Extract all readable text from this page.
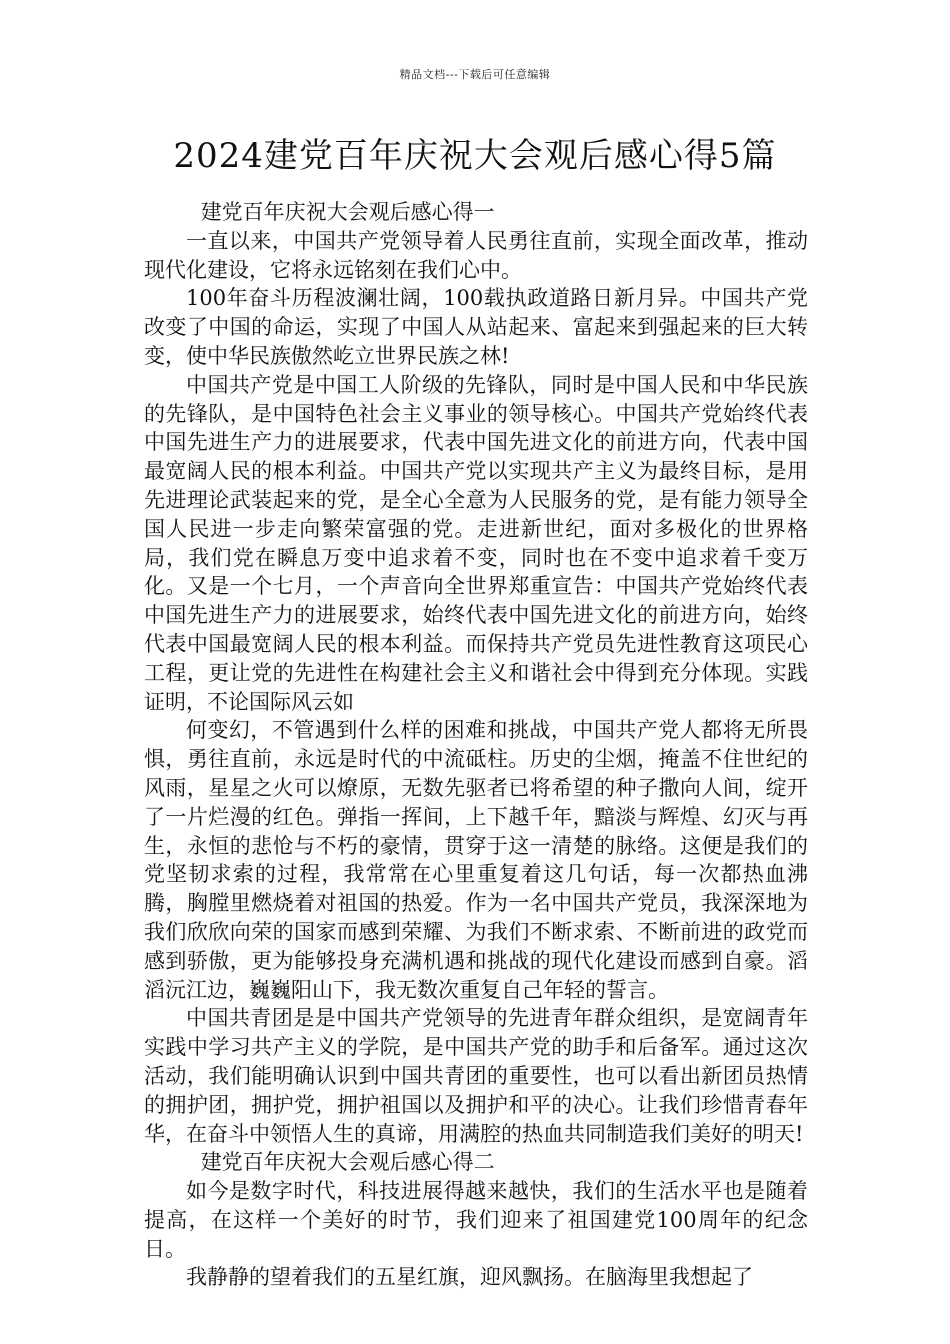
精品文档---下载后可任意编辑
2024建党百年庆祝大会观后感心得5篇

建党百年庆祝大会观后感心得一

一直以来，中国共产党领导着人民勇往直前，实现全面改革，推动现代化建设，它将永远铭刻在我们心中。

100年奋斗历程波澜壮阔，100载执政道路日新月异。中国共产党改变了中国的命运，实现了中国人从站起来、富起来到强起来的巨大转变，使中华民族傲然屹立世界民族之林!

中国共产党是中国工人阶级的先锋队，同时是中国人民和中华民族的先锋队，是中国特色社会主义事业的领导核心。中国共产党始终代表中国先进生产力的进展要求，代表中国先进文化的前进方向，代表中国最宽阔人民的根本利益。中国共产党以实现共产主义为最终目标，是用先进理论武装起来的党，是全心全意为人民服务的党，是有能力领导全国人民进一步走向繁荣富强的党。走进新世纪，面对多极化的世界格局，我们党在瞬息万变中追求着不变，同时也在不变中追求着千变万化。又是一个七月，一个声音向全世界郑重宣告：中国共产党始终代表中国先进生产力的进展要求，始终代表中国先进文化的前进方向，始终代表中国最宽阔人民的根本利益。而保持共产党员先进性教育这项民心工程，更让党的先进性在构建社会主义和谐社会中得到充分体现。实践证明，不论国际风云如

何变幻，不管遇到什么样的困难和挑战，中国共产党人都将无所畏惧，勇往直前，永远是时代的中流砥柱。历史的尘烟，掩盖不住世纪的风雨，星星之火可以燎原，无数先驱者已将希望的种子撒向人间，绽开了一片烂漫的红色。弹指一挥间，上下越千年，黯淡与辉煌、幻灭与再生，永恒的悲怆与不朽的豪情，贯穿于这一清楚的脉络。这便是我们的党坚韧求索的过程，我常常在心里重复着这几句话，每一次都热血沸腾，胸膛里燃烧着对祖国的热爱。作为一名中国共产党员，我深深地为我们欣欣向荣的国家而感到荣耀、为我们不断求索、不断前进的政党而感到骄傲，更为能够投身充满机遇和挑战的现代化建设而感到自豪。滔滔沅江边，巍巍阳山下，我无数次重复自己年轻的誓言。

中国共青团是是中国共产党领导的先进青年群众组织，是宽阔青年实践中学习共产主义的学院，是中国共产党的助手和后备军。通过这次活动，我们能明确认识到中国共青团的重要性，也可以看出新团员热情的拥护团，拥护党，拥护祖国以及拥护和平的决心。让我们珍惜青春年华，在奋斗中领悟人生的真谛，用满腔的热血共同制造我们美好的明天!

建党百年庆祝大会观后感心得二

如今是数字时代，科技进展得越来越快，我们的生活水平也是随着提高，在这样一个美好的时节，我们迎来了祖国建党100周年的纪念日。

我静静的望着我们的五星红旗，迎风飘扬。在脑海里我想起了
